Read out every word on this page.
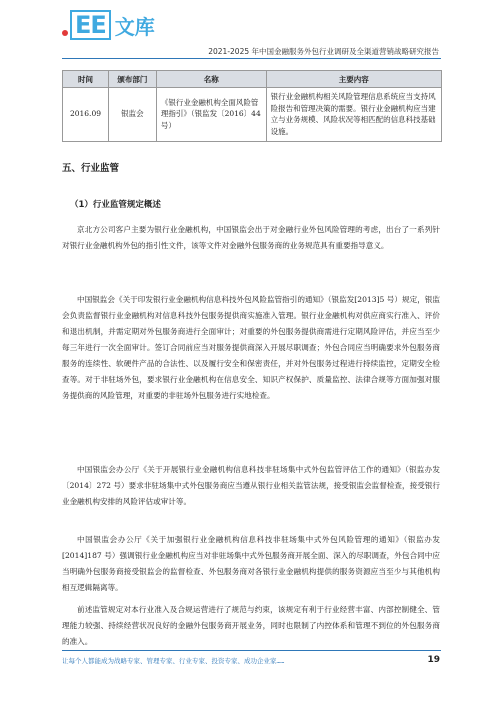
EE 文库
2021-2025 年中国金融服务外包行业调研及全渠道营销战略研究报告
时间	颁布部门	名称	主要内容
2016.09	银监会	《银行业金融机构全面风险管理指引》（银监发〔2016〕44 号）	银行业金融机构相关风险管理信息系统应当支持风险报告和管理决策的需要。银行业金融机构应当建立与业务规模、风险状况等相匹配的信息科技基础设施。
五、行业监管
（1）行业监管规定概述

京北方公司客户主要为银行业金融机构，中国银监会出于对金融行业外包风险管理的考虑，出台了一系列针对银行业金融机构外包的指引性文件，该等文件对金融外包服务商的业务规范具有重要指导意义。

中国银监会《关于印发银行业金融机构信息科技外包风险监管指引的通知》（银监发[2013]5 号）规定，银监会负责监督银行业金融机构对信息科技外包服务提供商实施准入管理。银行业金融机构对供应商实行准入、评价和退出机制，并需定期对外包服务商进行全面审计；对重要的外包服务提供商需进行定期风险评估，并应当至少每三年进行一次全面审计。签订合同前应当对服务提供商深入开展尽职调查；外包合同应当明确要求外包服务商服务的连续性、软硬件产品的合法性、以及履行安全和保密责任，并对外包服务过程进行持续监控，定期安全检查等。对于非驻场外包，要求银行业金融机构在信息安全、知识产权保护、质量监控、法律合规等方面加强对服务提供商的风险管理，对重要的非驻场外包服务进行实地检查。

中国银监会办公厅《关于开展银行业金融机构信息科技非驻场集中式外包监管评估工作的通知》（银监办发〔2014〕272 号）要求非驻场集中式外包服务商应当遵从银行业相关监管法规，接受银监会监督检查，接受银行业金融机构安排的风险评估或审计等。

中国银监会办公厅《关于加强银行业金融机构信息科技非驻场集中式外包风险管理的通知》（银监办发[2014]187 号）强调银行业金融机构应当对非驻场集中式外包服务商开展全面、深入的尽职调查，外包合同中应当明确外包服务商接受银监会的监督检查、外包服务商对各银行业金融机构提供的服务资源应当至少与其他机构相互逻辑隔离等。

前述监管规定对本行业准入及合规运营进行了规范与约束，该规定有利于行业经营丰富、内部控制健全、管理能力较强、持续经营状况良好的金融外包服务商开展业务，同时也限制了内控体系和管理不到位的外包服务商的准入。

让每个人都能成为战略专家、管理专家、行业专家、投资专家、成功企业家……	19
